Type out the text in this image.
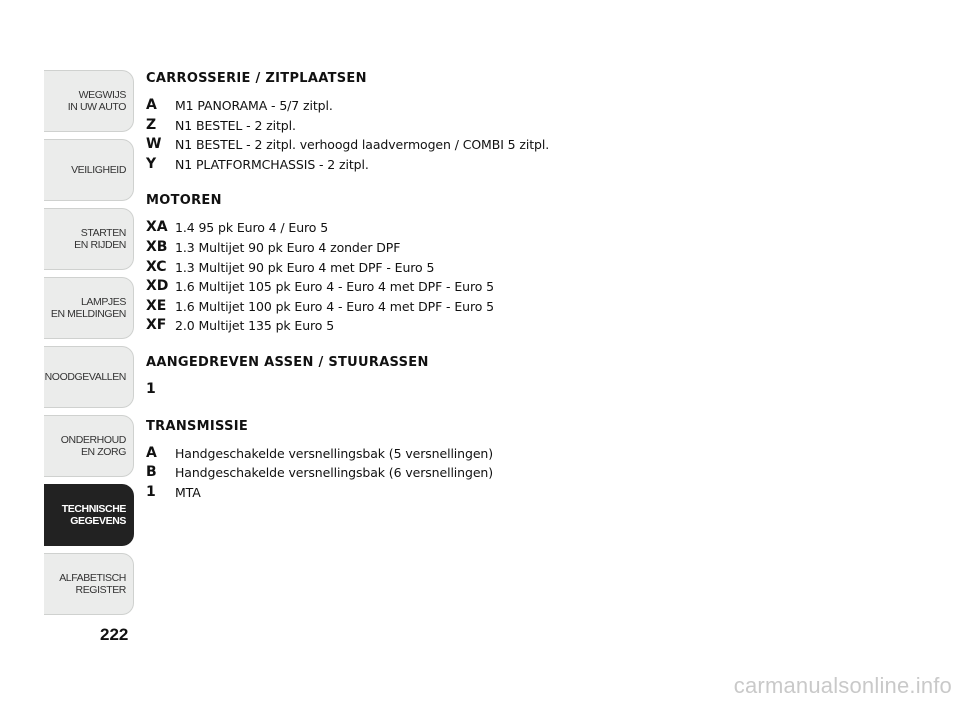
WEGWIJS
IN UW AUTO
VEILIGHEID
STARTEN
EN RIJDEN
LAMPJES
EN MELDINGEN
NOODGEVALLEN
ONDERHOUD
EN ZORG
TECHNISCHE
GEGEVENS
ALFABETISCH
REGISTER
222
CARROSSERIE / ZITPLAATSEN
A	M1 PANORAMA - 5/7 zitpl.
Z	N1 BESTEL - 2 zitpl.
W	N1 BESTEL - 2 zitpl. verhoogd laadvermogen / COMBI 5 zitpl.
Y	N1 PLATFORMCHASSIS - 2 zitpl.
MOTOREN
XA 1.4 95 pk Euro 4 / Euro 5
XB 1.3 Multijet 90 pk Euro 4 zonder DPF
XC 1.3 Multijet 90 pk Euro 4 met DPF - Euro 5
XD 1.6 Multijet 105 pk Euro 4 - Euro 4 met DPF - Euro 5
XE 1.6 Multijet 100 pk Euro 4 - Euro 4 met DPF - Euro 5
XF 2.0 Multijet 135 pk Euro 5
AANGEDREVEN ASSEN / STUURASSEN
1
TRANSMISSIE
A	Handgeschakelde versnellingsbak (5 versnellingen)
B	Handgeschakelde versnellingsbak (6 versnellingen)
1	MTA
carmanualsonline.info
